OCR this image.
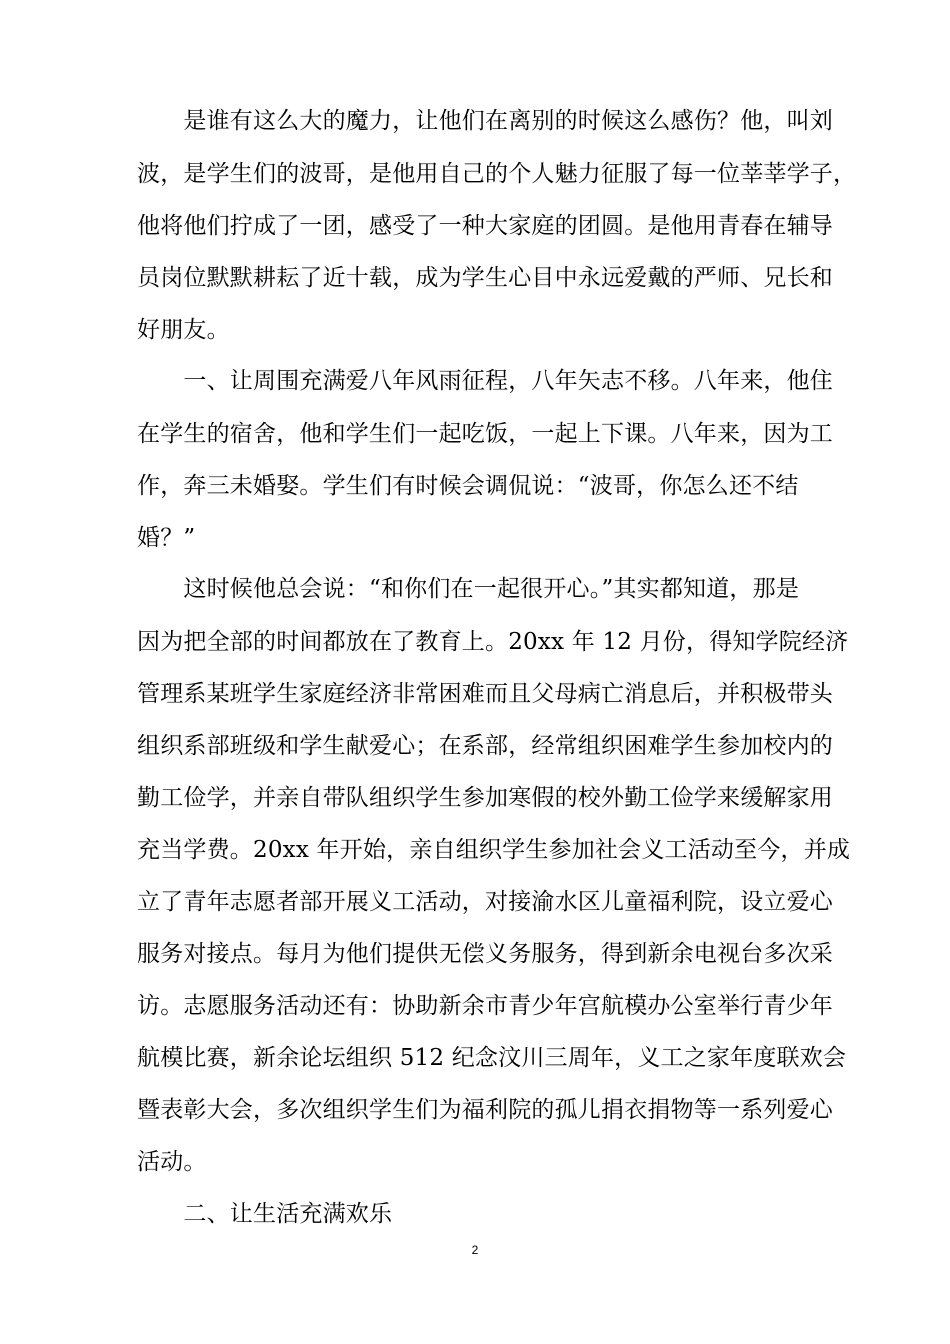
　　是谁有这么大的魔力，让他们在离别的时候这么感伤？他，叫刘
波，是学生们的波哥，是他用自己的个人魅力征服了每一位莘莘学子，
他将他们拧成了一团，感受了一种大家庭的团圆。是他用青春在辅导
员岗位默默耕耘了近十载，成为学生心目中永远爱戴的严师、兄长和
好朋友。
　　一、让周围充满爱八年风雨征程，八年矢志不移。八年来，他住
在学生的宿舍，他和学生们一起吃饭，一起上下课。八年来，因为工
作，奔三未婚娶。学生们有时候会调侃说：“波哥，你怎么还不结
婚？”
　　这时候他总会说：“和你们在一起很开心。”其实都知道，那是
因为把全部的时间都放在了教育上。20xx 年 12 月份，得知学院经济
管理系某班学生家庭经济非常困难而且父母病亡消息后，并积极带头
组织系部班级和学生献爱心；在系部，经常组织困难学生参加校内的
勤工俭学，并亲自带队组织学生参加寒假的校外勤工俭学来缓解家用
充当学费。20xx 年开始，亲自组织学生参加社会义工活动至今，并成
立了青年志愿者部开展义工活动，对接渝水区儿童福利院，设立爱心
服务对接点。每月为他们提供无偿义务服务，得到新余电视台多次采
访。志愿服务活动还有：协助新余市青少年宫航模办公室举行青少年
航模比赛，新余论坛组织 512 纪念汶川三周年，义工之家年度联欢会
暨表彰大会，多次组织学生们为福利院的孤儿捐衣捐物等一系列爱心
活动。
　　二、让生活充满欢乐
2
